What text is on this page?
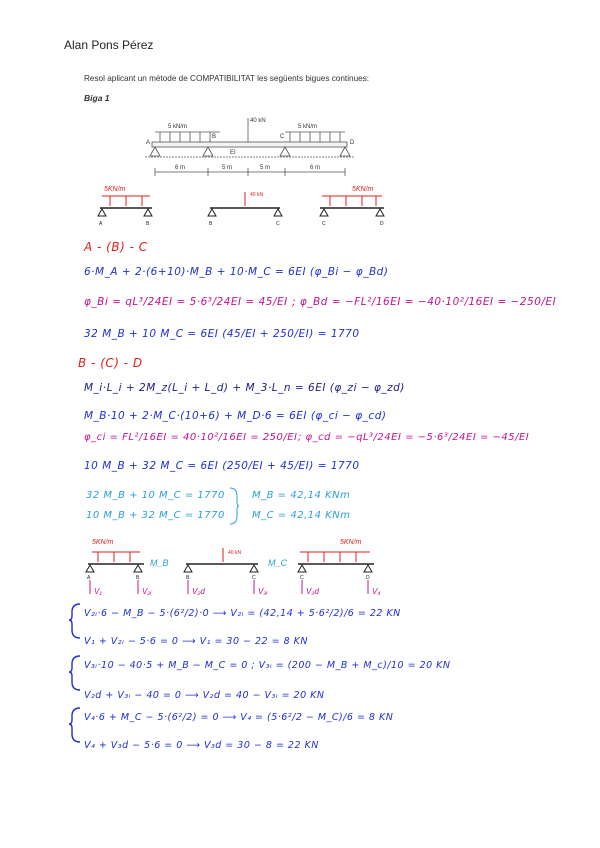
Alan Pons Pérez
Resol aplicant un mètode de COMPATIBILITAT les següents bigues continues:
Biga 1
5 kN/m
40 kN
5 kN/m
A
B	C
D
EI
6 m	5 m	5 m	6 m
5KN/m
40 kN
5KN/m
A	B	B	C	C	D
A - (B) - C
6·M_A + 2·(6+10)·M_B + 10·M_C = 6EI (φ_Bi − φ_Bd)
φ_Bi = qL³/24EI = 5·6³/24EI = 45/EI ; φ_Bd = −FL²/16EI = −40·10²/16EI = −250/EI
32 M_B + 10 M_C = 6EI (45/EI + 250/EI) = 1770
B - (C) - D
M_i·L_i + 2M_z(L_i + L_d) + M_3·L_n = 6EI (φ_zi − φ_zd)
M_B·10 + 2·M_C·(10+6) + M_D·6 = 6EI (φ_ci − φ_cd)
φ_ci = FL²/16EI = 40·10²/16EI = 250/EI ; φ_cd = −qL³/24EI = −5·6³/24EI = −45/EI
10 M_B + 32 M_C = 6EI (250/EI + 45/EI) = 1770
32 M_B + 10 M_C = 1770
10 M_B + 32 M_C = 1770
M_B = 42,14 KNm
M_C = 42,14 KNm
5KN/m
40 kN
5KN/m
M_B	M_C
A	B	B	C	C	D
V₁	V₂ᵢ	V₂d	V₃ᵢ	V₃d	V₄
V₂ᵢ·6 − M_B − 5·(6²/2)·0 ⟶ V₂ᵢ = (42,14 + 5·6²/2)/6 = 22 KN
V₁ + V₂ᵢ − 5·6 = 0 ⟶ V₁ = 30 − 22 = 8 KN
V₃ᵢ·10 − 40·5 + M_B − M_C = 0 ; V₃ᵢ = (200 − M_B + M_c)/10 = 20 KN
V₂d + V₃ᵢ − 40 = 0 ⟶ V₂d = 40 − V₃ᵢ = 20 KN
V₄·6 + M_C − 5·(6²/2) = 0 ⟶ V₄ = (5·6²/2 − M_C)/6 = 8 KN
V₄ + V₃d − 5·6 = 0 ⟶ V₃d = 30 − 8 = 22 KN
